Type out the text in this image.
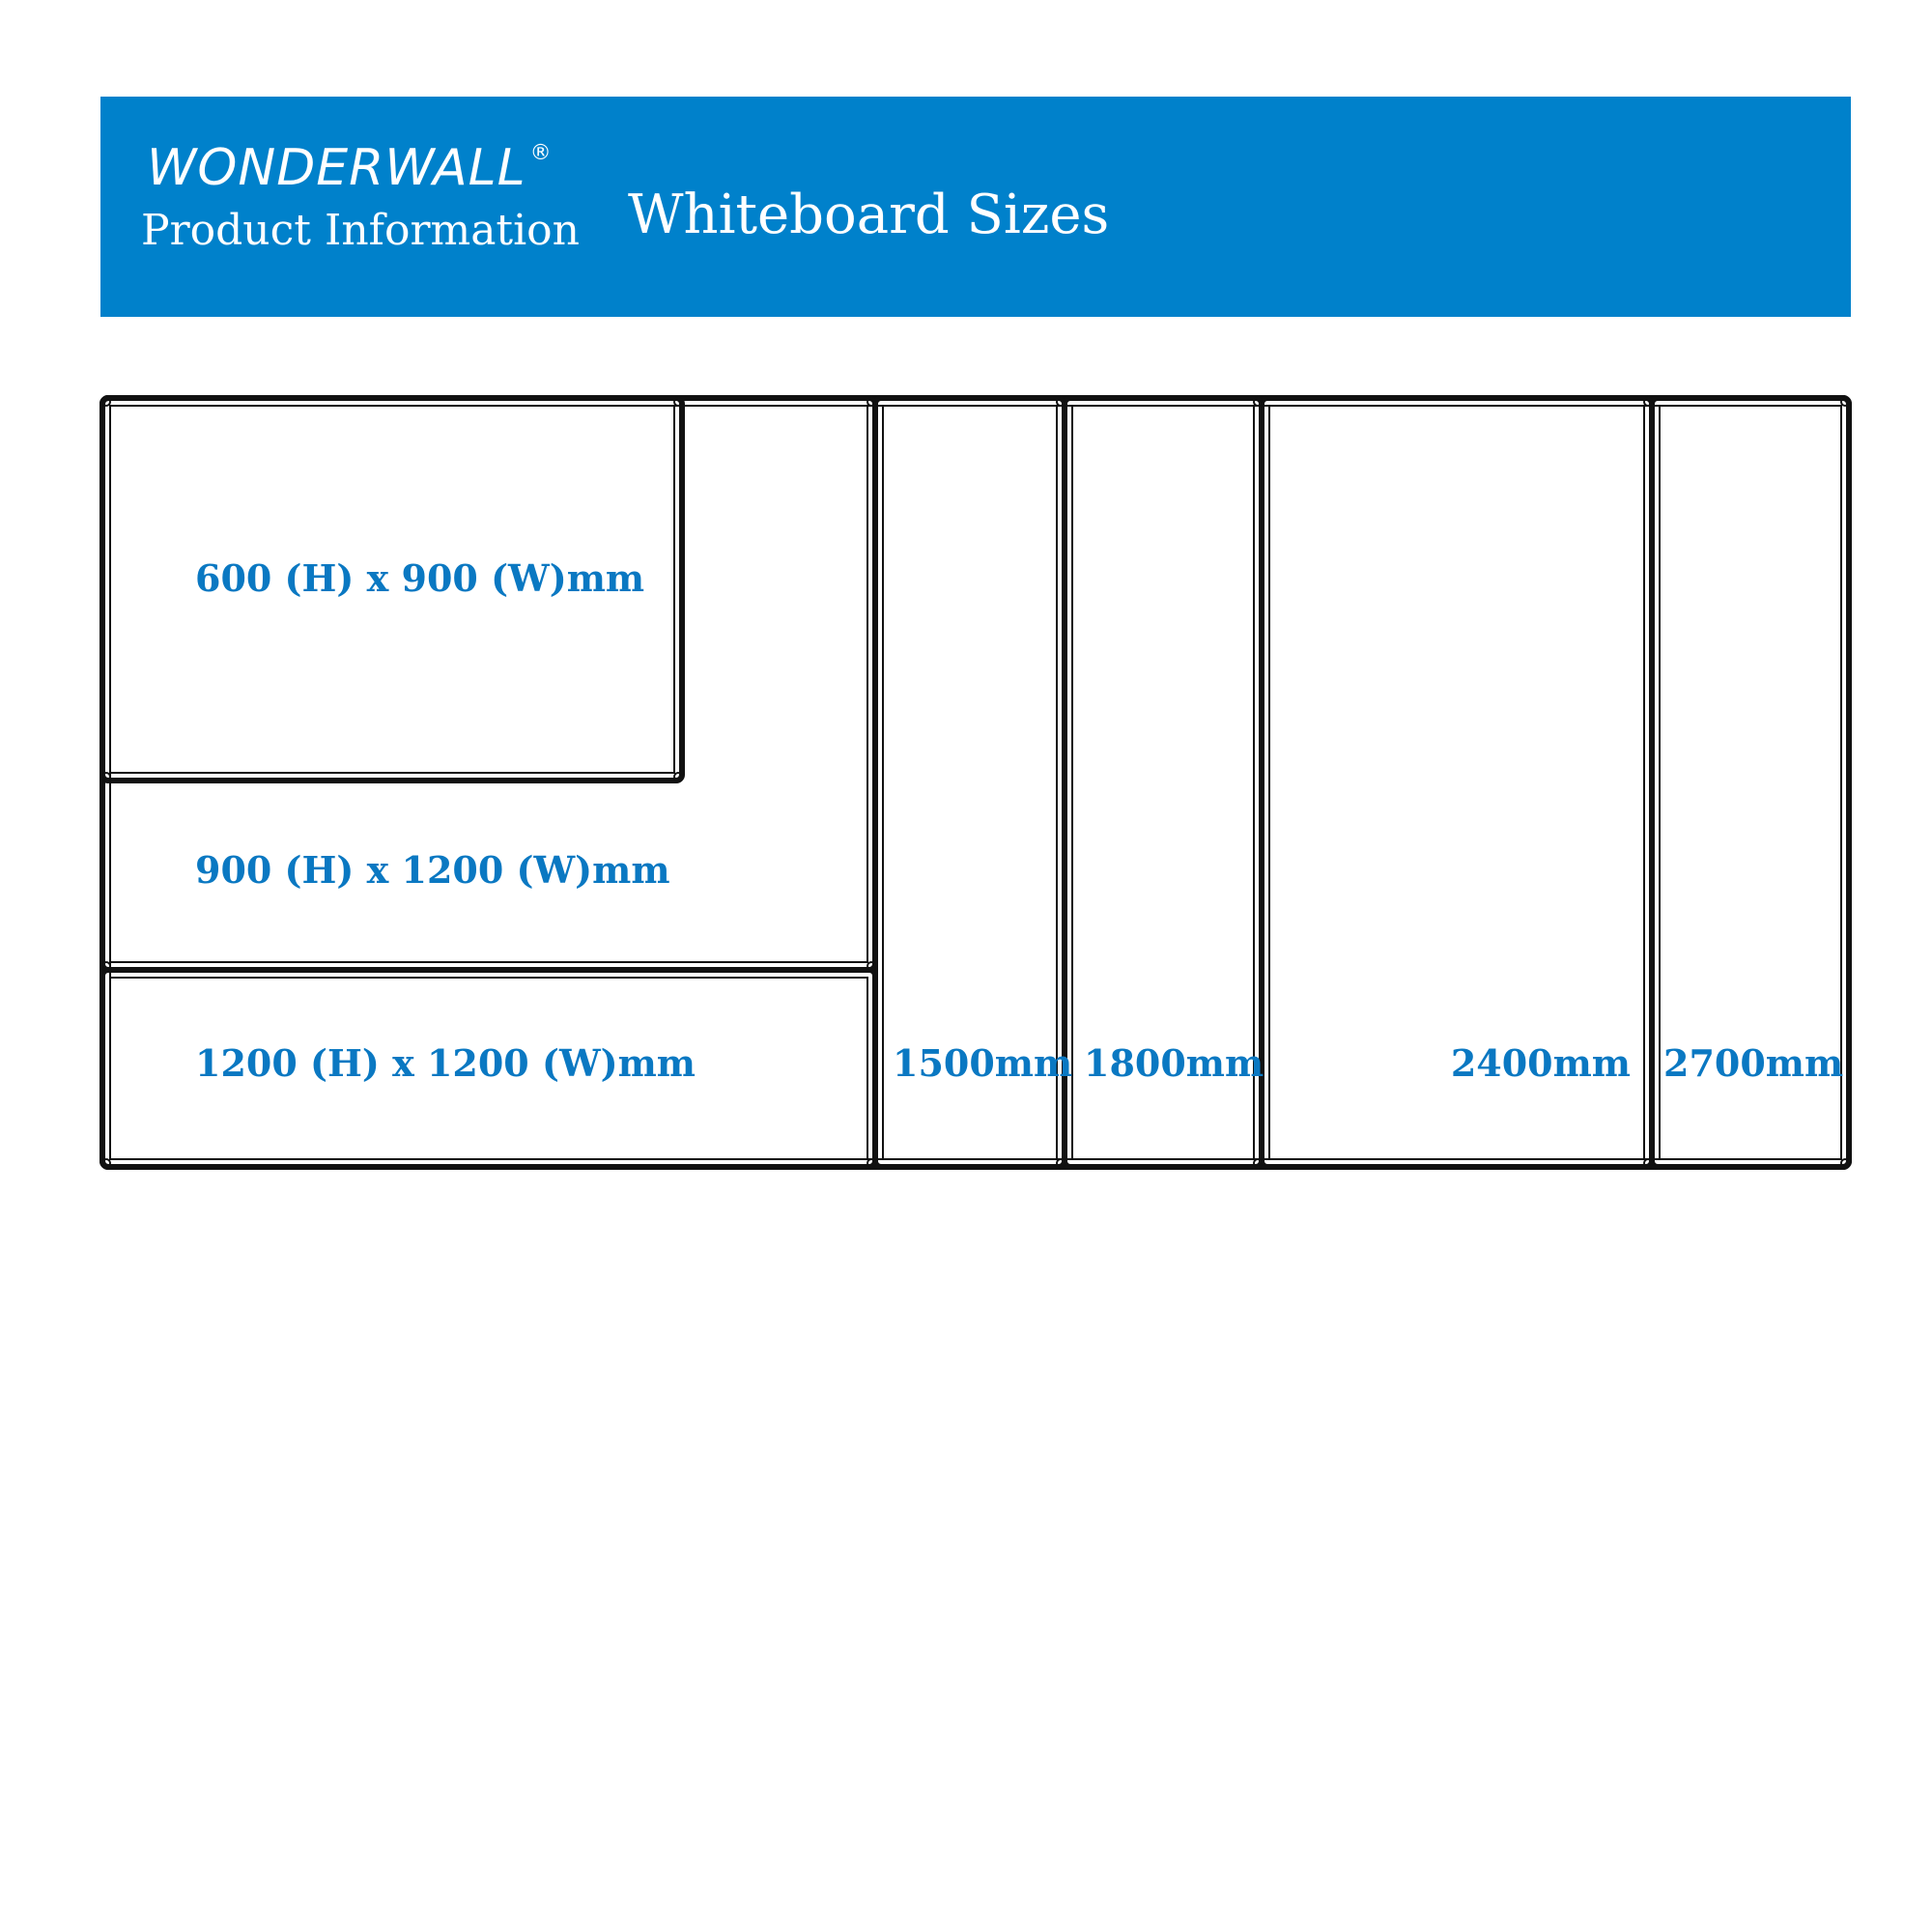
WONDERWALL ®
Product Information Whiteboard Sizes
600 (H) x 900 (W)mm
900 (H) x 1200 (W)mm
1200 (H) x 1200 (W)mm	1500mm 1800mm	2400mm 2700mm
